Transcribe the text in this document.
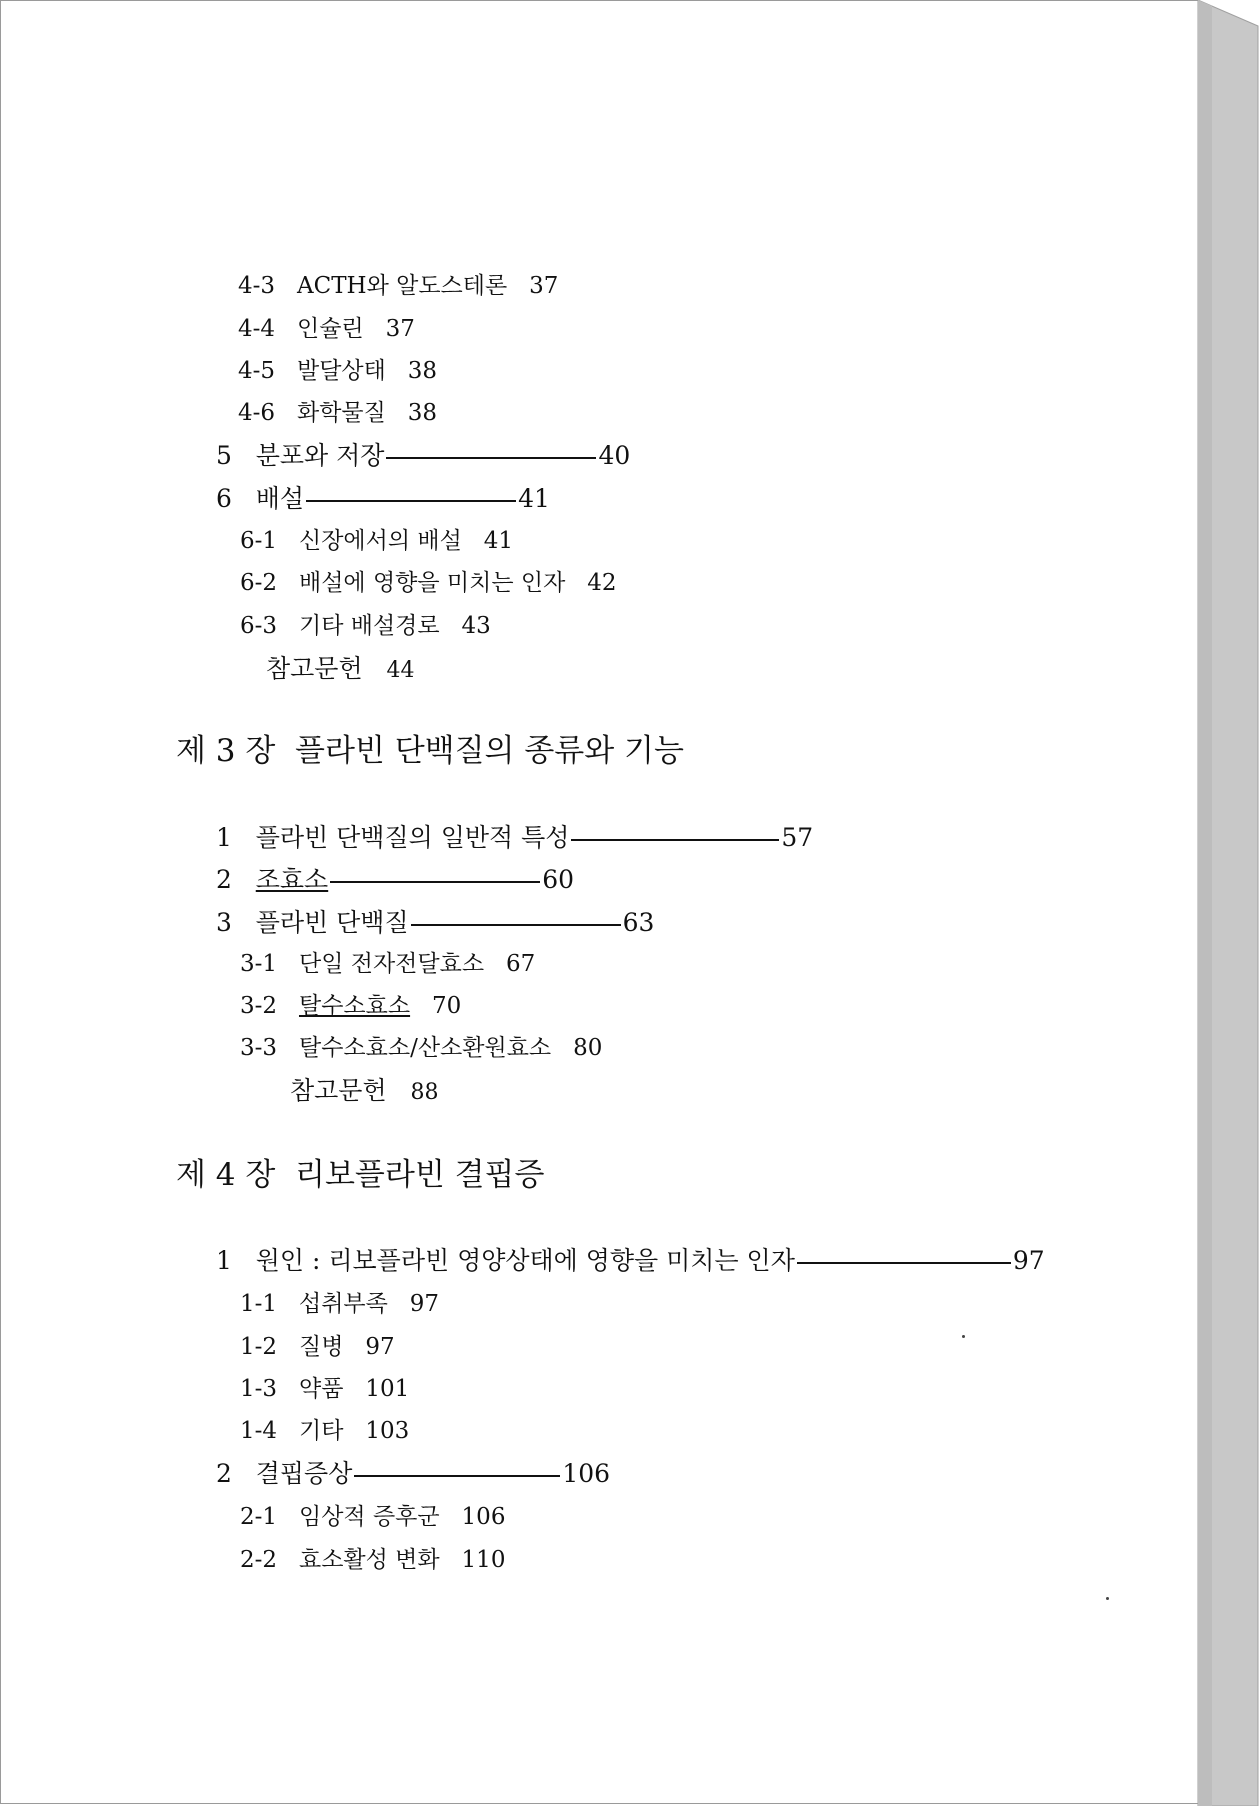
4-3 ACTH와 알도스테론 37
4-4 인슐린 37
4-5 발달상태 38
4-6 화학물질 38
5 분포와 저장	40
6 배설	41
6-1 신장에서의 배설 41
6-2 배설에 영향을 미치는 인자 42
6-3 기타 배설경로 43
참고문헌 44
제 3 장  플라빈 단백질의 종류와 기능
1 플라빈 단백질의 일반적 특성	57
2 조효소	60
3 플라빈 단백질	63
3-1 단일 전자전달효소 67
3-2 탈수소효소 70
3-3 탈수소효소/산소환원효소 80
참고문헌 88
제 4 장  리보플라빈 결핍증
1 원인 : 리보플라빈 영양상태에 영향을 미치는 인자	97
1-1 섭취부족 97
1-2 질병 97
1-3 약품 101
1-4 기타 103
2 결핍증상	106
2-1 임상적 증후군 106
2-2 효소활성 변화 110
